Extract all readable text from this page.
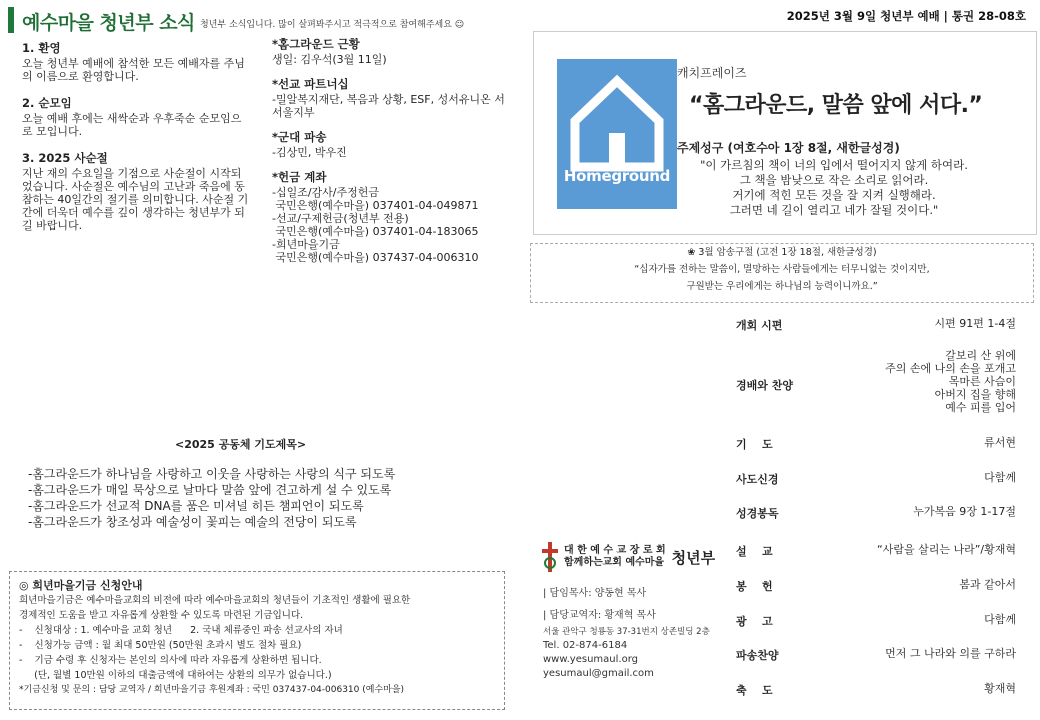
예수마을 청년부 소식 청년부 소식입니다. 많이 살펴봐주시고 적극적으로 참여해주세요 ☺
2025년 3월 9일 청년부 예배 | 통권 28-08호
1. 환영
오늘 청년부 예배에 참석한 모든 예배자를 주님의 이름으로 환영합니다.
2. 순모임
오늘 예배 후에는 새싹순과 우후죽순 순모임으로 모입니다.
3. 2025 사순절
지난 재의 수요일을 기점으로 사순절이 시작되었습니다. 사순절은 예수님의 고난과 죽음에 동참하는 40일간의 절기를 의미합니다. 사순절 기간에 더욱더 예수를 깊이 생각하는 청년부가 되길 바랍니다.
*홈그라운드 근황
생일: 김우석(3월 11일)
*선교 파트너십
-밀알복지재단, 복음과 상황, ESF, 성서유니온 서서울지부
*군대 파송
-김상민, 박우진
*헌금 계좌
-십일조/감사/주정헌금
국민은행(예수마을) 037401-04-049871
-선교/구제헌금(청년부 전용)
국민은행(예수마을) 037401-04-183065
-희년마을기금
국민은행(예수마을) 037437-04-006310
Homeground
캐치프레이즈
“홈그라운드, 말씀 앞에 서다.”
주제성구 (여호수아 1장 8절, 새한글성경)
"이 가르침의 책이 너의 입에서 떨어지지 않게 하여라.
그 책을 밤낮으로 작은 소리로 읽어라.
거기에 적힌 모든 것을 잘 지켜 실행해라.
그러면 네 길이 열리고 네가 잘될 것이다."
❀ 3월 암송구절 (고전 1장 18절, 새한글성경)
“십자가를 전하는 말씀이, 멸망하는 사람들에게는 터무니없는 것이지만,
구원받는 우리에게는 하나님의 능력이니까요.”
개회 시편	시편 91편 1-4절
경배와 찬양
갈보리 산 위에
주의 손에 나의 손을 포개고
목마른 사슴이
아버지 집을 향해
예수 피를 입어
기    도	류서현
사도신경	다함께
성경봉독	누가복음 9장 1-17절
설    교	“사람을 살리는 나라”/황재혁
봉    헌	봄과 같아서
광    고	다함께
파송찬양	먼저 그 나라와 의를 구하라
축    도	황재혁
<2025 공동체 기도제목>
-홈그라운드가 하나님을 사랑하고 이웃을 사랑하는 사랑의 식구 되도록
-홈그라운드가 매일 묵상으로 날마다 말씀 앞에 견고하게 설 수 있도록
-홈그라운드가 선교적 DNA를 품은 미셔널 히든 챔피언이 되도록
-홈그라운드가 창조성과 예술성이 꽃피는 예술의 전당이 되도록
◎ 희년마을기금 신청안내
희년마을기금은 예수마을교회의 비전에 따라 예수마을교회의 청년들이 기초적인 생활에 필요한
경제적인 도움을 받고 자유롭게 상환할 수 있도록 마련된 기금입니다.
-    신청대상 : 1. 예수마을 교회 청년      2. 국내 체류중인 파송 선교사의 자녀
-    신청가능 금액 : 월 최대 50만원 (50만원 초과시 별도 절차 필요)
-    기금 수령 후 신청자는 본인의 의사에 따라 자유롭게 상환하면 됩니다.
(단, 월별 10만원 이하의 대출금액에 대하여는 상환의 의무가 없습니다.)
*기금신청 및 문의 : 담당 교역자 / 희년마을기금 후원계좌 : 국민 037437-04-006310 (예수마을)
대 한 예 수 교 장 로 회
함께하는교회 예수마을 청년부
| 담임목사: 양동현 목사
| 담당교역자: 황재혁 목사
서울 관악구 청룡동 37-31번지 상존빌딩 2층
Tel. 02-874-6184
www.yesumaul.org
yesumaul@gmail.com
